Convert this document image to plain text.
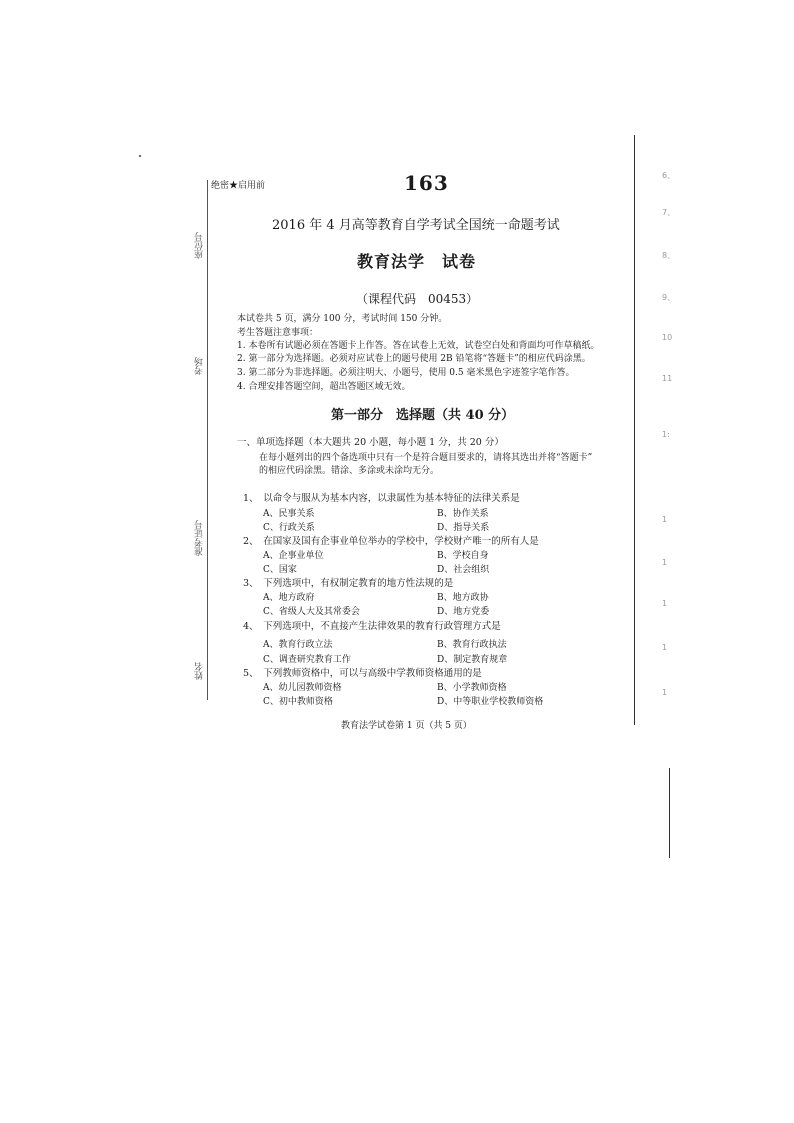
座位号
考场
准考证号
姓名
绝密★启用前	163
2016 年 4 月高等教育自学考试全国统一命题考试
教育法学　试卷
（课程代码　00453）
本试卷共 5 页，满分 100 分，考试时间 150 分钟。
考生答题注意事项：
1. 本卷所有试题必须在答题卡上作答。答在试卷上无效，试卷空白处和背面均可作草稿纸。
2. 第一部分为选择题。必须对应试卷上的题号使用 2B 铅笔将“答题卡”的相应代码涂黑。
3. 第二部分为非选择题。必须注明大、小题号，使用 0.5 毫米黑色字迹签字笔作答。
4. 合理安排答题空间，超出答题区域无效。
第一部分　选择题（共 40 分）
一、单项选择题（本大题共 20 小题，每小题 1 分，共 20 分）
在每小题列出的四个备选项中只有一个是符合题目要求的，请将其选出并将“答题卡”
的相应代码涂黑。错涂、多涂或未涂均无分。
1、　以命令与服从为基本内容，以隶属性为基本特征的法律关系是
A、民事关系	B、协作关系
C、行政关系	D、指导关系
2、　在国家及国有企事业单位举办的学校中，学校财产唯一的所有人是
A、企事业单位	B、学校自身
C、国家	D、社会组织
3、　下列选项中，有权制定教育的地方性法规的是
A、地方政府	B、地方政协
C、省级人大及其常委会	D、地方党委
4、　下列选项中，不直接产生法律效果的教育行政管理方式是
A、教育行政立法	B、教育行政执法
C、调查研究教育工作	D、制定教育规章
5、　下列教师资格中，可以与高级中学教师资格通用的是
A、幼儿园教师资格	B、小学教师资格
C、初中教师资格	D、中等职业学校教师资格
教育法学试卷第 1 页（共 5 页）
6、
7、
8、
9、
10
11
1:
1
1
1
1
1
